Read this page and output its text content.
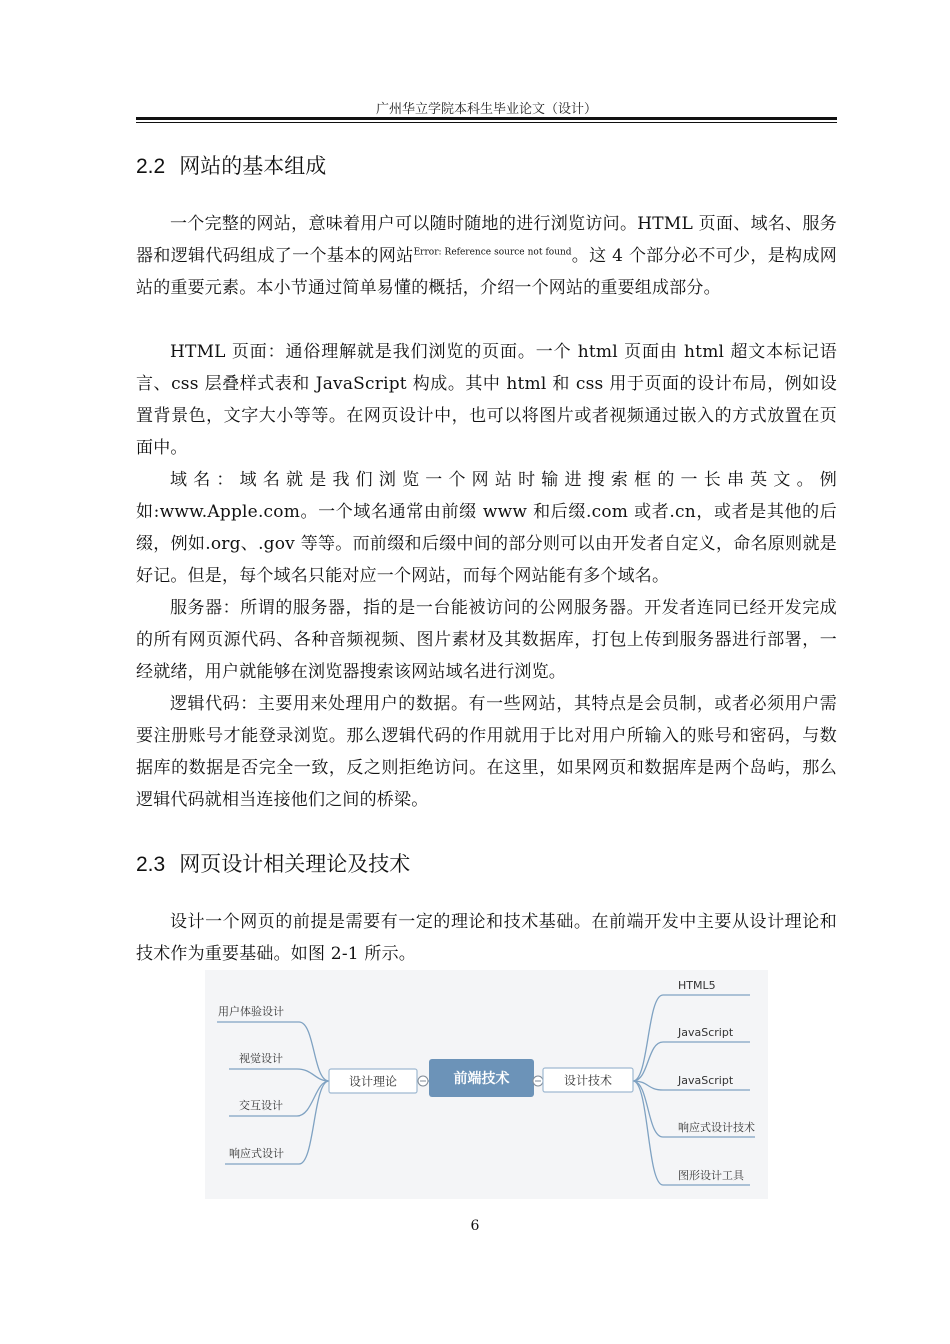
广州华立学院本科生毕业论文（设计）
2.2 网站的基本组成

一个完整的网站，意味着用户可以随时随地的进行浏览访问。HTML 页面、域名、服务器和逻辑代码组成了一个基本的网站$^{Error: Reference source not found}$。这 4 个部分必不可少，是构成网站的重要元素。本小节通过简单易懂的概括，介绍一个网站的重要组成部分。

HTML 页面：通俗理解就是我们浏览的页面。一个 html 页面由 html 超文本标记语言、css 层叠样式表和 JavaScript 构成。其中 html 和 css 用于页面的设计布局，例如设置背景色，文字大小等等。在网页设计中，也可以将图片或者视频通过嵌入的方式放置在页面中。

域名：域名就是我们浏览一个网站时输进搜索框的一长串英文。例如:www.Apple.com。一个域名通常由前缀 www 和后缀.com 或者.cn，或者是其他的后缀，例如.org、.gov 等等。而前缀和后缀中间的部分则可以由开发者自定义，命名原则就是好记。但是，每个域名只能对应一个网站，而每个网站能有多个域名。

服务器：所谓的服务器，指的是一台能被访问的公网服务器。开发者连同已经开发完成的所有网页源代码、各种音频视频、图片素材及其数据库，打包上传到服务器进行部署，一经就绪，用户就能够在浏览器搜索该网站域名进行浏览。

逻辑代码：主要用来处理用户的数据。有一些网站，其特点是会员制，或者必须用户需要注册账号才能登录浏览。那么逻辑代码的作用就用于比对用户所输入的账号和密码，与数据库的数据是否完全一致，反之则拒绝访问。在这里，如果网页和数据库是两个岛屿，那么逻辑代码就相当连接他们之间的桥梁。

2.3 网页设计相关理论及技术

设计一个网页的前提是需要有一定的理论和技术基础。在前端开发中主要从设计理论和技术作为重要基础。如图 2-1 所示。

用户体验设计
视觉设计
交互设计
响应式设计
设计理论	前端技术	设计技术
HTML5
JavaScript
JavaScript
响应式设计技术
图形设计工具
6
